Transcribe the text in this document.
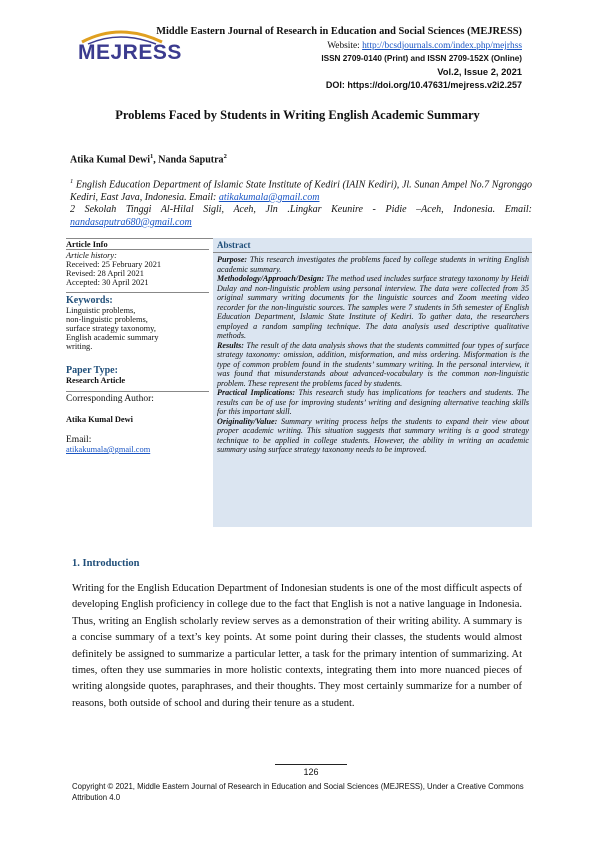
MEJRESS
Middle Eastern Journal of Research in Education and Social Sciences (MEJRESS)
Website: http://bcsdjournals.com/index.php/mejrhss
ISSN 2709-0140 (Print) and ISSN 2709-152X (Online)
Vol.2, Issue 2, 2021
DOI: https://doi.org/10.47631/mejress.v2i2.257
Problems Faced by Students in Writing English Academic Summary
Atika Kumal Dewi$^1$, Nanda Saputra$^2$
$^1$ English Education Department of Islamic State Institute of Kediri (IAIN Kediri), Jl. Sunan Ampel No.7 Ngronggo Kediri, East Java, Indonesia. Email: atikakumala@gmail.com
2 Sekolah Tinggi Al-Hilal Sigli, Aceh, Jln .Lingkar Keunire - Pidie –Aceh, Indonesia. Email: nandasaputra680@gmail.com
Article Info
Article history:
Received: 25 February 2021
Revised: 28 April 2021
Accepted: 30 April 2021
Keywords:
Linguistic problems,
non-linguistic problems,
surface strategy taxonomy,
English academic summary
writing.
Paper Type:
Research Article
Corresponding Author:
Atika Kumal Dewi
Email:
atikakumala@gmail.com
Abstract

Purpose: This research investigates the problems faced by college students in writing English academic summary.

Methodology/Approach/Design: The method used includes surface strategy taxonomy by Heidi Dulay and non-linguistic problem using personal interview. The data were collected from 35 original summary writing documents for the linguistic sources and Zoom meeting video recorder for the non-linguistic sources. The samples were 7 students in 5th semester of English Education Department, Islamic State Institute of Kediri. To gather data, the researchers employed a random sampling technique. The data analysis used descriptive qualitative methods.

Results: The result of the data analysis shows that the students committed four types of surface strategy taxonomy: omission, addition, misformation, and miss ordering. Misformation is the type of common problem found in the students’ summary writing. In the personal interview, it was found that misunderstands about advanced-vocabulary is the common non-linguistic problem. These represent the problems faced by students.

Practical Implications: This research study has implications for teachers and students. The results can be of use for improving students’ writing and designing alternative teaching skills for this important skill.

Originality/Value: Summary writing process helps the students to expand their view about proper academic writing. This situation suggests that summary writing is a good strategy technique to be applied in college students. However, the ability in writing an academic summary using surface strategy taxonomy needs to be improved.

1. Introduction
Writing for the English Education Department of Indonesian students is one of the most difficult aspects of developing English proficiency in college due to the fact that English is not a native language in Indonesia. Thus, writing an English scholarly review serves as a demonstration of their writing ability. A summary is a concise summary of a text’s key points. At some point during their classes, the students would almost definitely be assigned to summarize a particular letter, a task for the primary intention of summarizing. At times, often they use summaries in more holistic contexts, integrating them into more nuanced pieces of writing alongside quotes, paraphrases, and their thoughts. They most certainly summarize for a number of reasons, both outside of school and during their tenure as a student.
126
Copyright © 2021, Middle Eastern Journal of Research in Education and Social Sciences (MEJRESS), Under a Creative Commons Attribution 4.0
